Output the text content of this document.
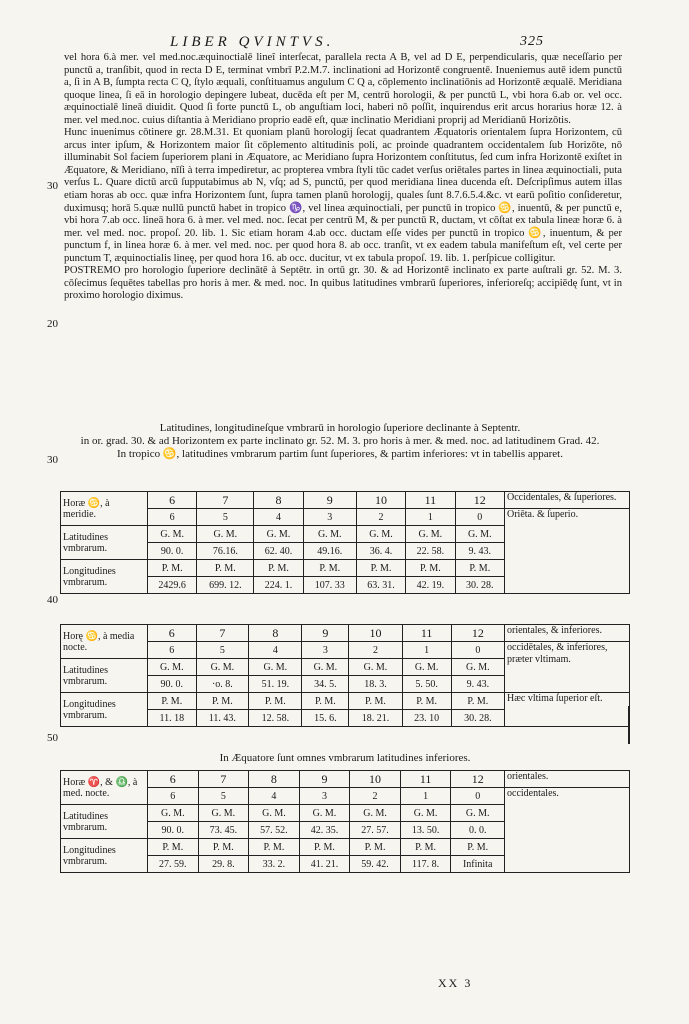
LIBER QVINTVS.	325

vel hora 6.à mer. vel med.noc.æquinoctialē lineî interſecat, parallela recta A B, vel ad D E, perpendicularis, quæ neceſſario per punctū a, tranſibit, quod in recta D E, terminat vmbrī P.2.M.7. inclinationi ad Horizontē congruentē. Inueniemus autē idem punctū a, ſi in A B, ſumpta recta C Q, ſtylo æquali, conſtituamus angulum C Q a, cōplemento inclinatiōnis ad Horizontē æqualē. Meridiana quoque linea, ſi eā in horologio depingere lubeat, ducēda eſt per M, centrū horologii, & per punctū L, vbi hora 6.ab or. vel occ. æquinoctialē lineā diuidit. Quod ſi forte punctū L, ob anguſtiam loci, haberi nō poſſit, inquirendus erit arcus horarius horæ 12. à mer. vel med.noc. cuius diſtantia à Meridiano proprio eadē eſt, quæ inclinatio Meridiani proprij ad Meridianū Horizōtis.

Hunc inuenimus cōtinere gr. 28.M.31. Et quoniam planū horologij ſecat quadrantem Æquatoris orientalem ſupra Horizontem, cū arcus inter ipſum, & Horizontem maior ſit cōplemento altitudinis poli, ac proinde quadrantem occidentalem ſub Horizōte, nō illuminabit Sol faciem ſuperiorem plani in Æquatore, ac Meridiano ſupra Horizontem conſtitutus, ſed cum infra Horizontē exiſtet in Æquatore, & Meridiano, nīſi à terra impediretur, ac propterea vmbra ſtyli tūc cadet verſus oriētales partes in linea æquinoctiali, puta verſus L. Quare dictū arcū ſupputabimus ab N, vſq; ad S, punctū, per quod meridiana linea ducenda eſt. Deſcripſimus autem illas etiam horas ab occ. quæ infra Horizontem ſunt, ſupra tamen planū horologij, quales ſunt 8.7.6.5.4.&c. vt earū poſitio conſideretur, duximusq; horā 5.quæ nullū punctū habet in tropico ♑, vel linea æquinoctiali, per punctū in tropico ♋, inuentū, & per punctū e, vbi hora 7.ab occ. lineā hora 6. à mer. vel med. noc. ſecat per centrū M, & per punctū R, ductam, vt cōſtat ex tabula lineæ horæ 6. à mer. vel med. noc. propoſ. 20. lib. 1. Sic etiam horam 4.ab occ. ductam eſſe vides per punctū in tropico ♋, inuentum, & per punctum f, in linea horæ 6. à mer. vel med. noc. per quod hora 8. ab occ. tranſit, vt ex eadem tabula manifeſtum eſt, vel certe per punctum T, æquinoctialis lineę, per quod hora 16. ab occ. ducitur, vt ex tabula propoſ. 19. lib. 1. perſpicue colligitur.

POSTREMO pro horologio ſuperiore declinātē à Septētr. in ortū gr. 30. & ad Horizontē inclinato ex parte auſtrali gr. 52. M. 3. cōſecimus ſequētes tabellas pro horis à mer. & med. noc. In quibus latitudines vmbrarū ſuperiores, inferioreſq; accipiēdę ſunt, vt in proximo horologio diximus.

30
20
30
40
50
Latitudines, longitudineſque vmbrarū in horologio ſuperiore declinante à Septentr.
in or. grad. 30. & ad Horizontem ex parte inclinato gr. 52. M. 3. pro horis à mer. & med. noc. ad latitudinem Grad. 42.
In tropico ♋, latitudines vmbrarum partim ſunt ſuperiores, & partim inferiores: vt in tabellis apparet.
Horæ ♋, à meridie.	6	7	8	9	10	11	12	Occidentales, & ſuperiores.
	6	5	4	3	2	1	0	Oriēta. & ſuperio.
Latitudines vmbrarum.	G. M.	G. M.	G. M.	G. M.	G. M.	G. M.	G. M.	
	90. 0.	76.16.	62. 40.	49.16.	36. 4.	22. 58.	9. 43.	
Longitudines vmbrarum.	P. M.	P. M.	P. M.	P. M.	P. M.	P. M.	P. M.	
	2429.6	699. 12.	224. 1.	107. 33	63. 31.	42. 19.	30. 28.	
Horę ♋, à media nocte.	6	7	8	9	10	11	12	orientales, & inferiores.
	6	5	4	3	2	1	0	occidētales, & inferiores, præter vltimam.
Latitudines vmbrarum.	G. M.	G. M.	G. M.	G. M.	G. M.	G. M.	G. M.	
	90. 0.	·o. 8.	51. 19.	34. 5.	18. 3.	5. 50.	9. 43.	
Longitudines vmbrarum.	P. M.	P. M.	P. M.	P. M.	P. M.	P. M.	P. M.	Hæc vltima ſuperior eſt.
	11. 18	11. 43.	12. 58.	15. 6.	18. 21.	23. 10	30. 28.	
In Æquatore ſunt omnes vmbrarum latitudines inferiores.
Horæ ♈, & ♎, à med. nocte.	6	7	8	9	10	11	12	orientales.
	6	5	4	3	2	1	0	occidentales.
Latitudines vmbrarum.	G. M.	G. M.	G. M.	G. M.	G. M.	G. M.	G. M.	
	90. 0.	73. 45.	57. 52.	42. 35.	27. 57.	13. 50.	0. 0.	
Longitudines vmbrarum.	P. M.	P. M.	P. M.	P. M.	P. M.	P. M.	P. M.	
	27. 59.	29. 8.	33. 2.	41. 21.	59. 42.	117. 8.	Infinita	
XX 3
